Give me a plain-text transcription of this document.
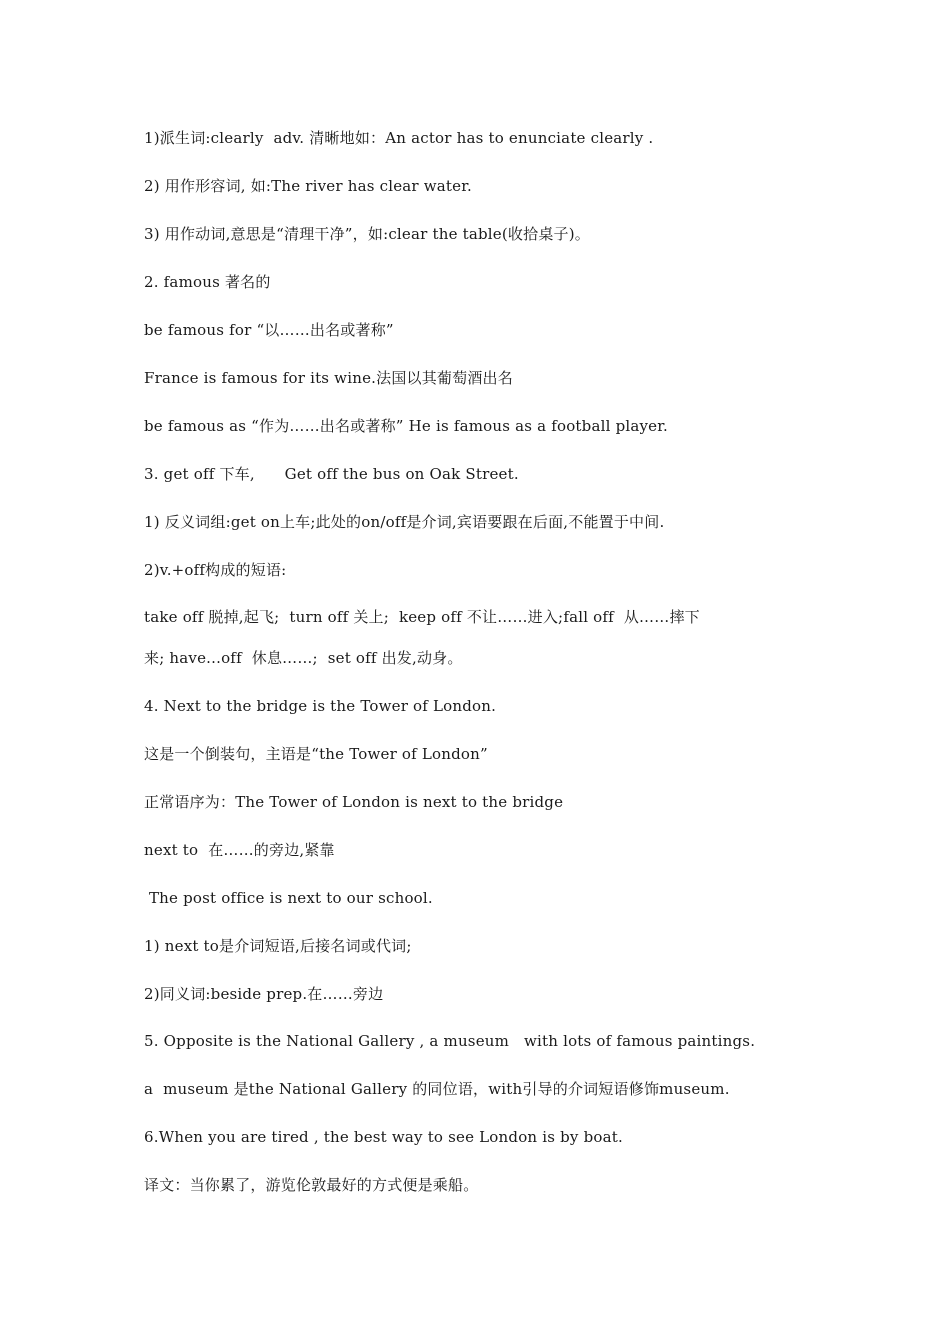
1)派生词:clearly  adv. 清晰地如：An actor has to enunciate clearly .
2) 用作形容词, 如:The river has clear water.
3) 用作动词,意思是“清理干净”，如:clear the table(收拾桌子)。
2. famous 著名的
be famous for “以……出名或著称”
France is famous for its wine.法国以其葡萄酒出名
be famous as “作为……出名或著称” He is famous as a football player.
3. get off 下车,      Get off the bus on Oak Street.
1) 反义词组:get on上车;此处的on/off是介词,宾语要跟在后面,不能置于中间.
2)v.+off构成的短语:
take off 脱掉,起飞;  turn off 关上;  keep off 不让……进入;fall off  从……摔下
来; have...off  休息……;  set off 出发,动身。
4. Next to the bridge is the Tower of London.
这是一个倒装句，主语是“the Tower of London”
正常语序为：The Tower of London is next to the bridge
next to  在……的旁边,紧靠
The post office is next to our school.
1) next to是介词短语,后接名词或代词;
2)同义词:beside prep.在……旁边
5. Opposite is the National Gallery , a museum   with lots of famous paintings.
a  museum 是the National Gallery 的同位语，with引导的介词短语修饰museum.
6.When you are tired , the best way to see London is by boat.
译文：当你累了，游览伦敦最好的方式便是乘船。
